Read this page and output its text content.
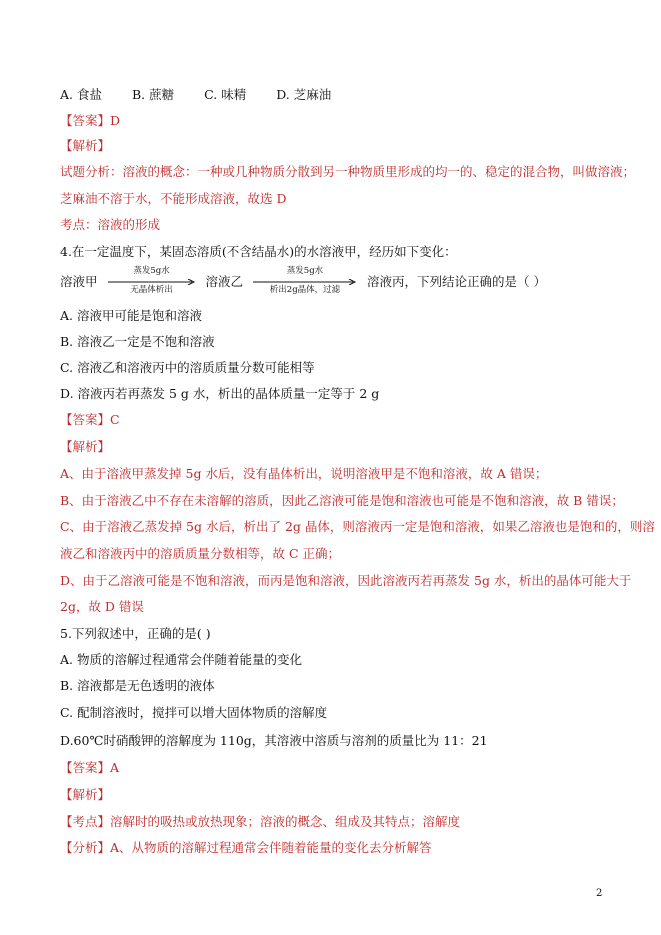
A. 食盐 B. 蔗糖 C. 味精 D. 芝麻油
【答案】D
【解析】
试题分析：溶液的概念：一种或几种物质分散到另一种物质里形成的均一的、稳定的混合物，叫做溶液；
芝麻油不溶于水，不能形成溶液，故选 D
考点：溶液的形成
4.在一定温度下，某固态溶质(不含结晶水)的水溶液甲，经历如下变化：
溶液甲
蒸发5g水
无晶体析出
溶液乙
蒸发5g水
析出2g晶体，过滤
溶液丙，下列结论正确的是（ ）
A. 溶液甲可能是饱和溶液
B. 溶液乙一定是不饱和溶液
C. 溶液乙和溶液丙中的溶质质量分数可能相等
D. 溶液丙若再蒸发 5 g 水，析出的晶体质量一定等于 2 g
【答案】C
【解析】
A、由于溶液甲蒸发掉 5g 水后，没有晶体析出，说明溶液甲是不饱和溶液，故 A 错误；
B、由于溶液乙中不存在未溶解的溶质，因此乙溶液可能是饱和溶液也可能是不饱和溶液，故 B 错误；
C、由于溶液乙蒸发掉 5g 水后，析出了 2g 晶体，则溶液丙一定是饱和溶液，如果乙溶液也是饱和的，则溶
液乙和溶液丙中的溶质质量分数相等，故 C 正确；
D、由于乙溶液可能是不饱和溶液，而丙是饱和溶液，因此溶液丙若再蒸发 5g 水，析出的晶体可能大于
2g，故 D 错误
5.下列叙述中，正确的是( )
A. 物质的溶解过程通常会伴随着能量的变化
B. 溶液都是无色透明的液体
C. 配制溶液时，搅拌可以增大固体物质的溶解度
D.60℃时硝酸钾的溶解度为 110g，其溶液中溶质与溶剂的质量比为 11：21
【答案】A
【解析】
【考点】溶解时的吸热或放热现象；溶液的概念、组成及其特点；溶解度
【分析】A、从物质的溶解过程通常会伴随着能量的变化去分析解答
2
